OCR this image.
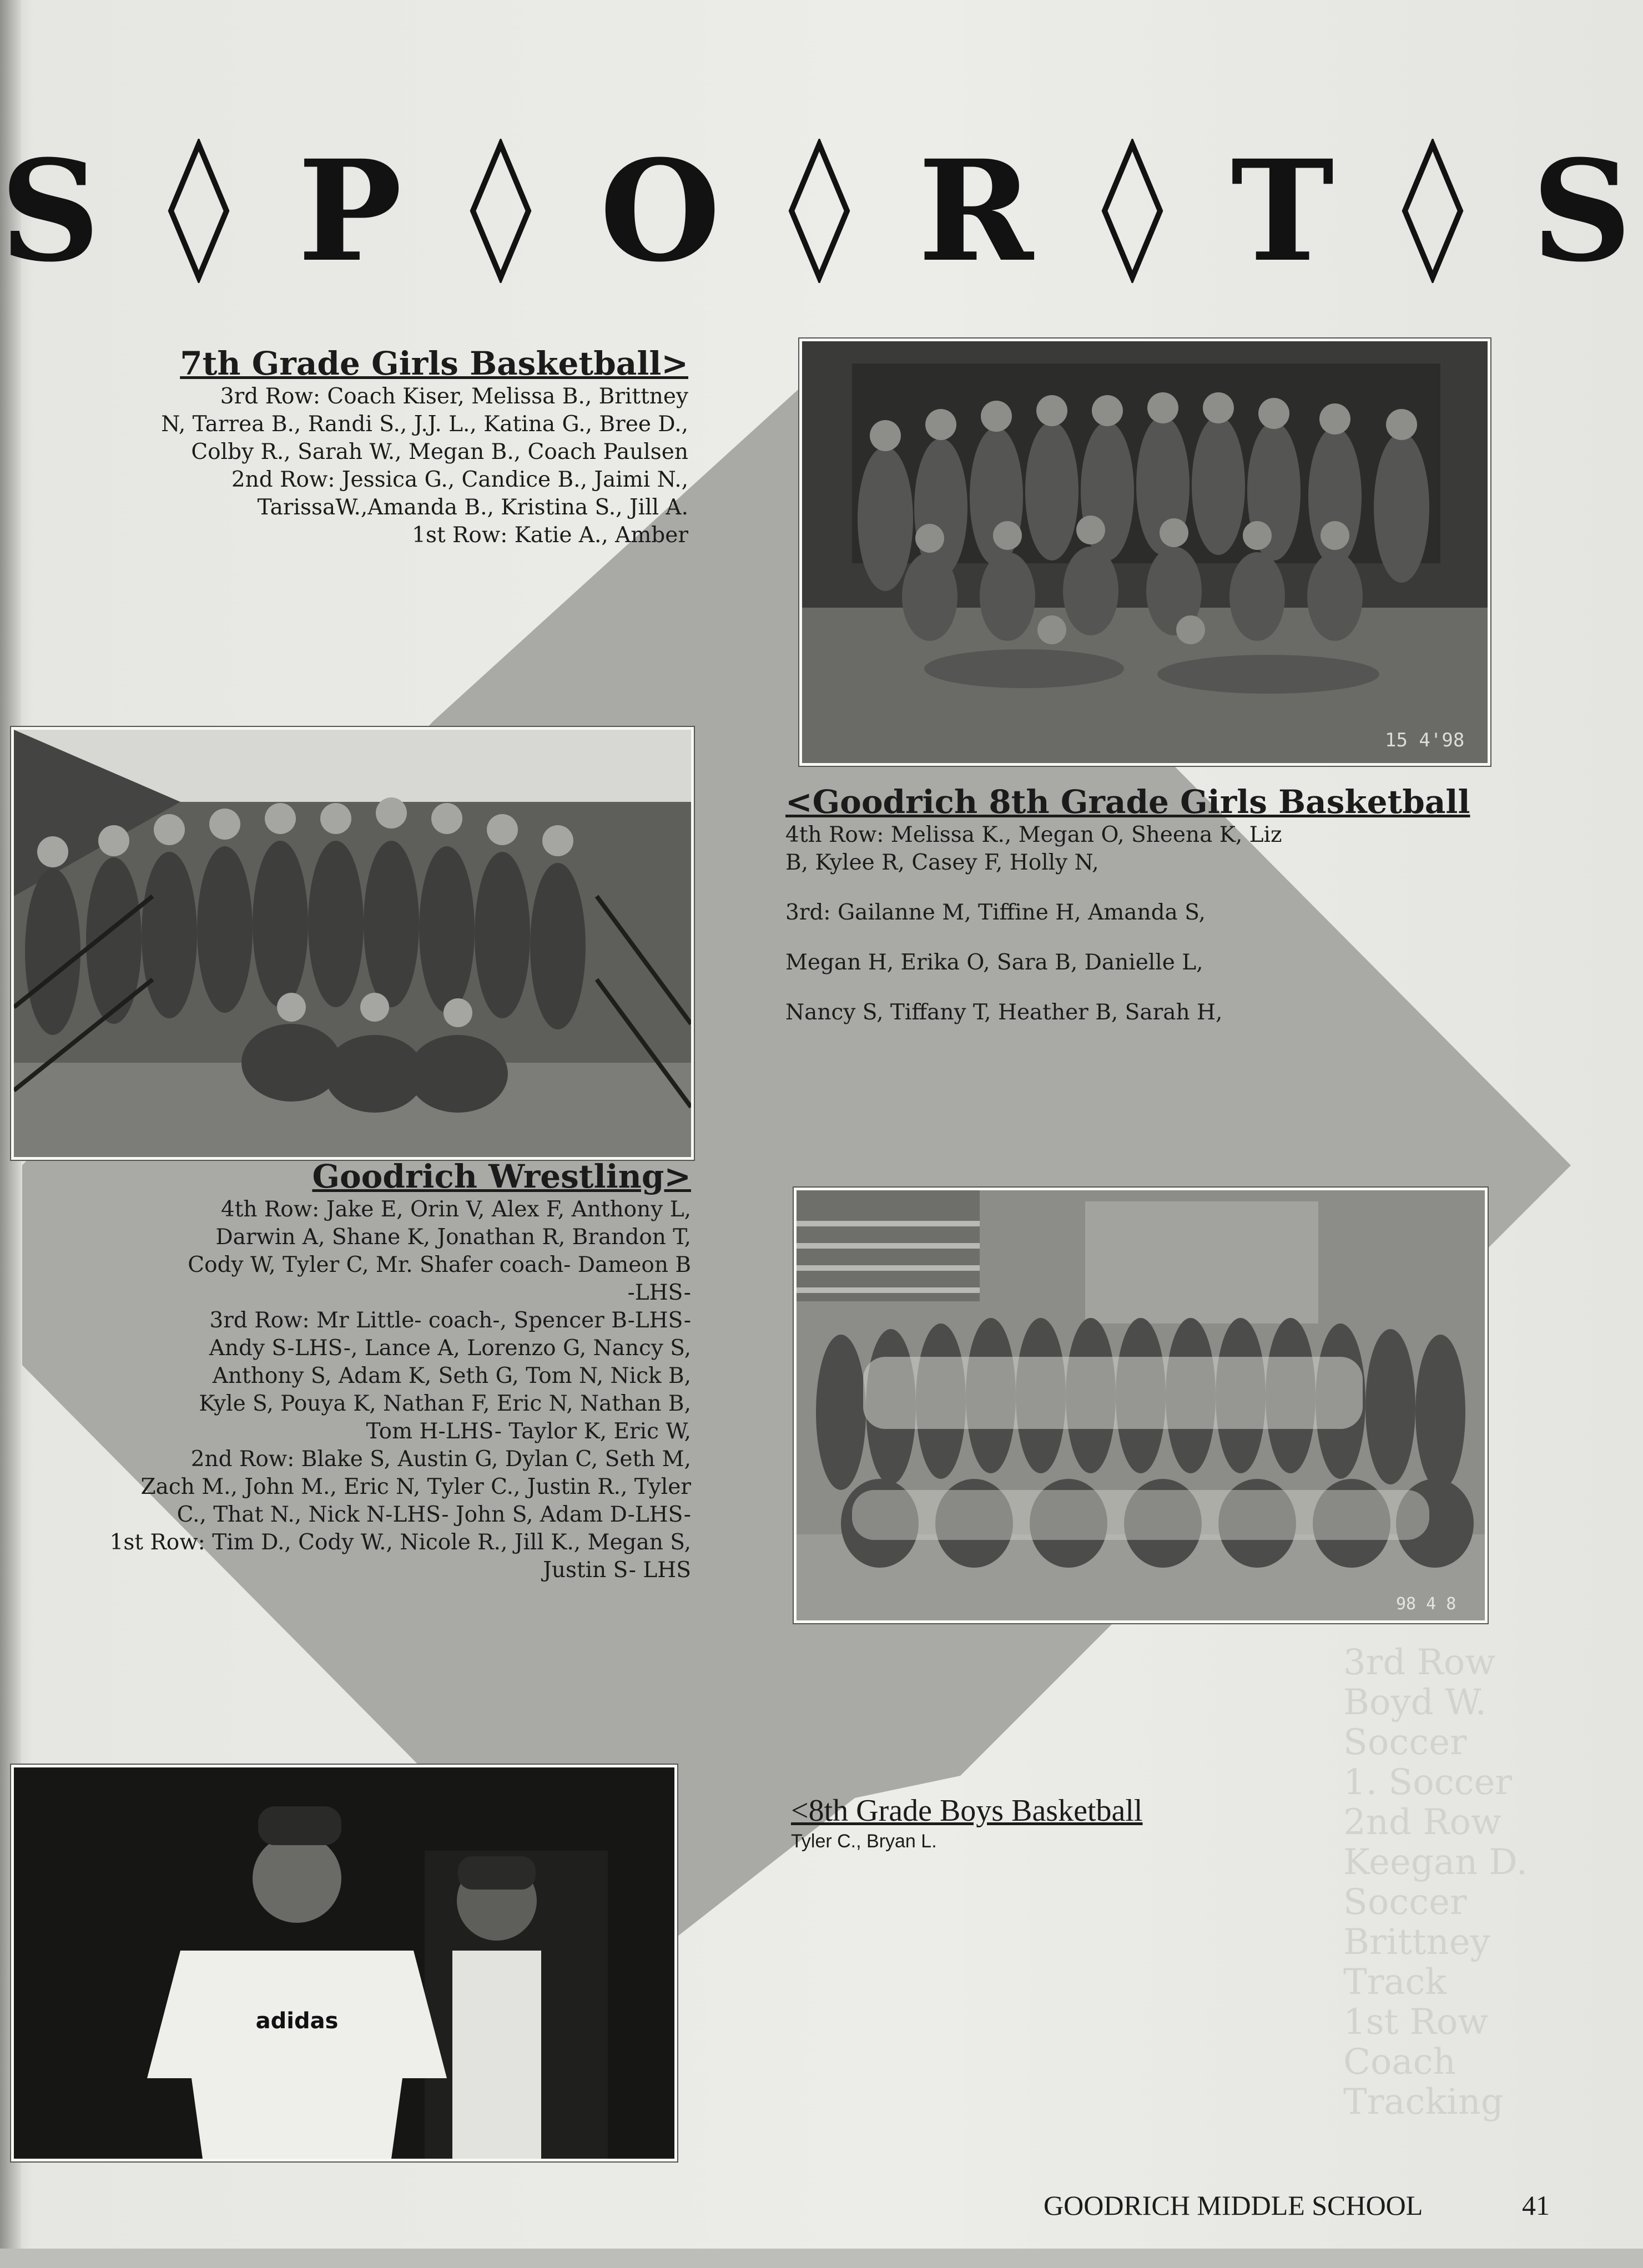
3rd Row
Boyd W.
Soccer
1. Soccer
2nd Row
Keegan D.
Soccer
Brittney
Track
1st Row
Coach
Tracking
S P O R T S
15 4'98
7th Grade Girls Basketball>
3rd Row: Coach Kiser, Melissa B., Brittney
N, Tarrea B., Randi S., J.J. L., Katina G., Bree D.,
Colby R., Sarah W., Megan B., Coach Paulsen
2nd Row: Jessica G., Candice B., Jaimi N.,
TarissaW.,Amanda B., Kristina S., Jill A.
1st Row: Katie A., Amber
<Goodrich 8th Grade Girls Basketball
4th Row: Melissa K., Megan O, Sheena K, Liz
B, Kylee R, Casey F, Holly N,
3rd: Gailanne M, Tiffine H, Amanda S,
Megan H, Erika O, Sara B, Danielle L,
Nancy S, Tiffany T, Heather B, Sarah H,
Goodrich Wrestling>
4th Row: Jake E, Orin V, Alex F, Anthony L,
Darwin A, Shane K, Jonathan R, Brandon T,
Cody W, Tyler C, Mr. Shafer coach- Dameon B
-LHS-
3rd Row: Mr Little- coach-, Spencer B-LHS-
Andy S-LHS-, Lance A, Lorenzo G, Nancy S,
Anthony S, Adam K, Seth G, Tom N, Nick B,
Kyle S, Pouya K, Nathan F, Eric N, Nathan B,
Tom H-LHS- Taylor K, Eric W,
2nd Row: Blake S, Austin G, Dylan C, Seth M,
Zach M., John M., Eric N, Tyler C., Justin R., Tyler
C., That N., Nick N-LHS- John S, Adam D-LHS-
1st Row: Tim D., Cody W., Nicole R., Jill K., Megan S,
Justin S- LHS
98 4 8
<8th Grade Boys Basketball
Tyler C., Bryan L.
adidas
GOODRICH MIDDLE SCHOOL	41
